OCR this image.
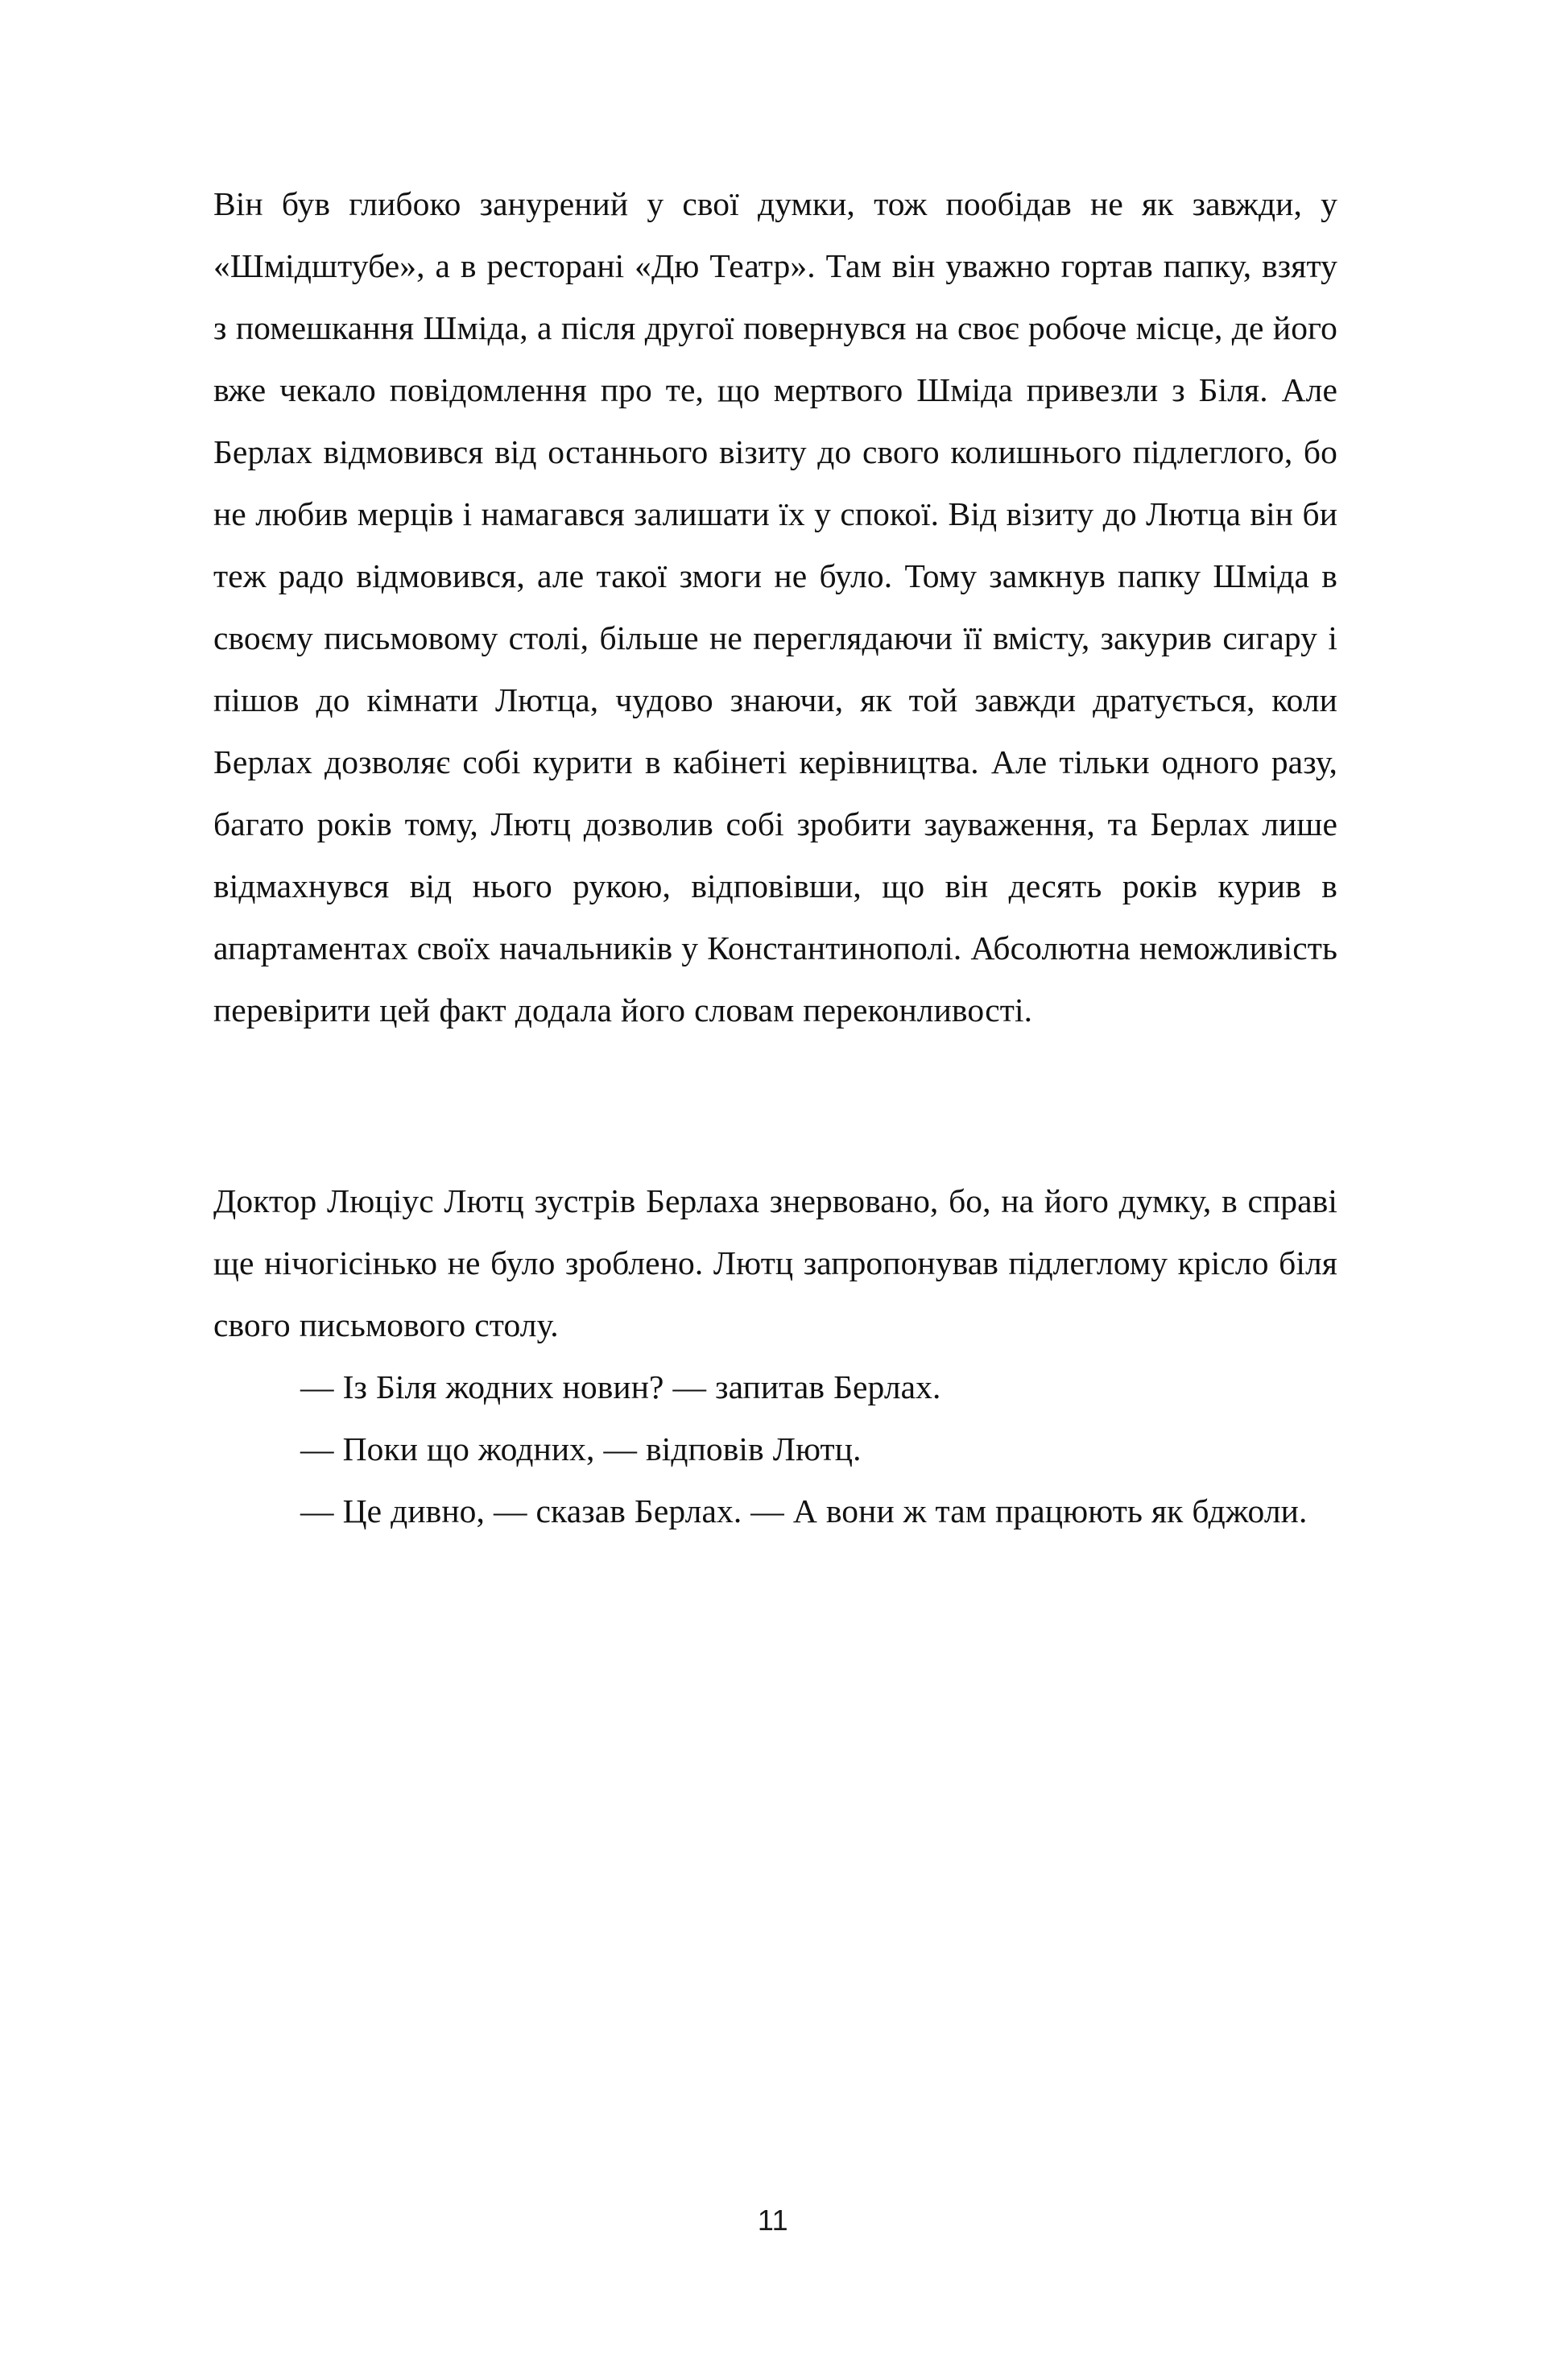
Він був глибоко занурений у свої думки, тож пообідав не як завжди, у «Шмідштубе», а в ресторані «Дю Театр». Там він уважно гортав папку, взяту з помешкання Шміда, а після другої повернувся на своє робоче місце, де його вже чекало повідомлення про те, що мертвого Шміда привезли з Біля. Але Берлах відмовився від останнього візиту до свого колишнього підлеглого, бо не любив мерців і намагався залишати їх у спокої. Від візиту до Лютца він би теж радо відмовився, але такої змоги не було. Тому замкнув папку Шміда в своєму письмовому столі, більше не переглядаючи її вмісту, закурив сигару і пішов до кімнати Лютца, чудово знаючи, як той завжди дратується, коли Берлах дозволяє собі курити в кабінеті керівництва. Але тільки одного разу, багато років тому, Лютц дозволив собі зробити зауваження, та Берлах лише відмахнувся від нього рукою, відповівши, що він десять років курив в апартаментах своїх начальників у Константинополі. Абсолютна неможливість перевірити цей факт додала його словам переконливості.

Доктор Люціус Лютц зустрів Берлаха знервовано, бо, на його думку, в справі ще нічогісінько не було зроблено. Лютц запропонував підлеглому крісло біля свого письмового столу.

— Із Біля жодних новин? — запитав Берлах.

— Поки що жодних, — відповів Лютц.

— Це дивно, — сказав Берлах. — А вони ж там працюють як бджоли.

11
